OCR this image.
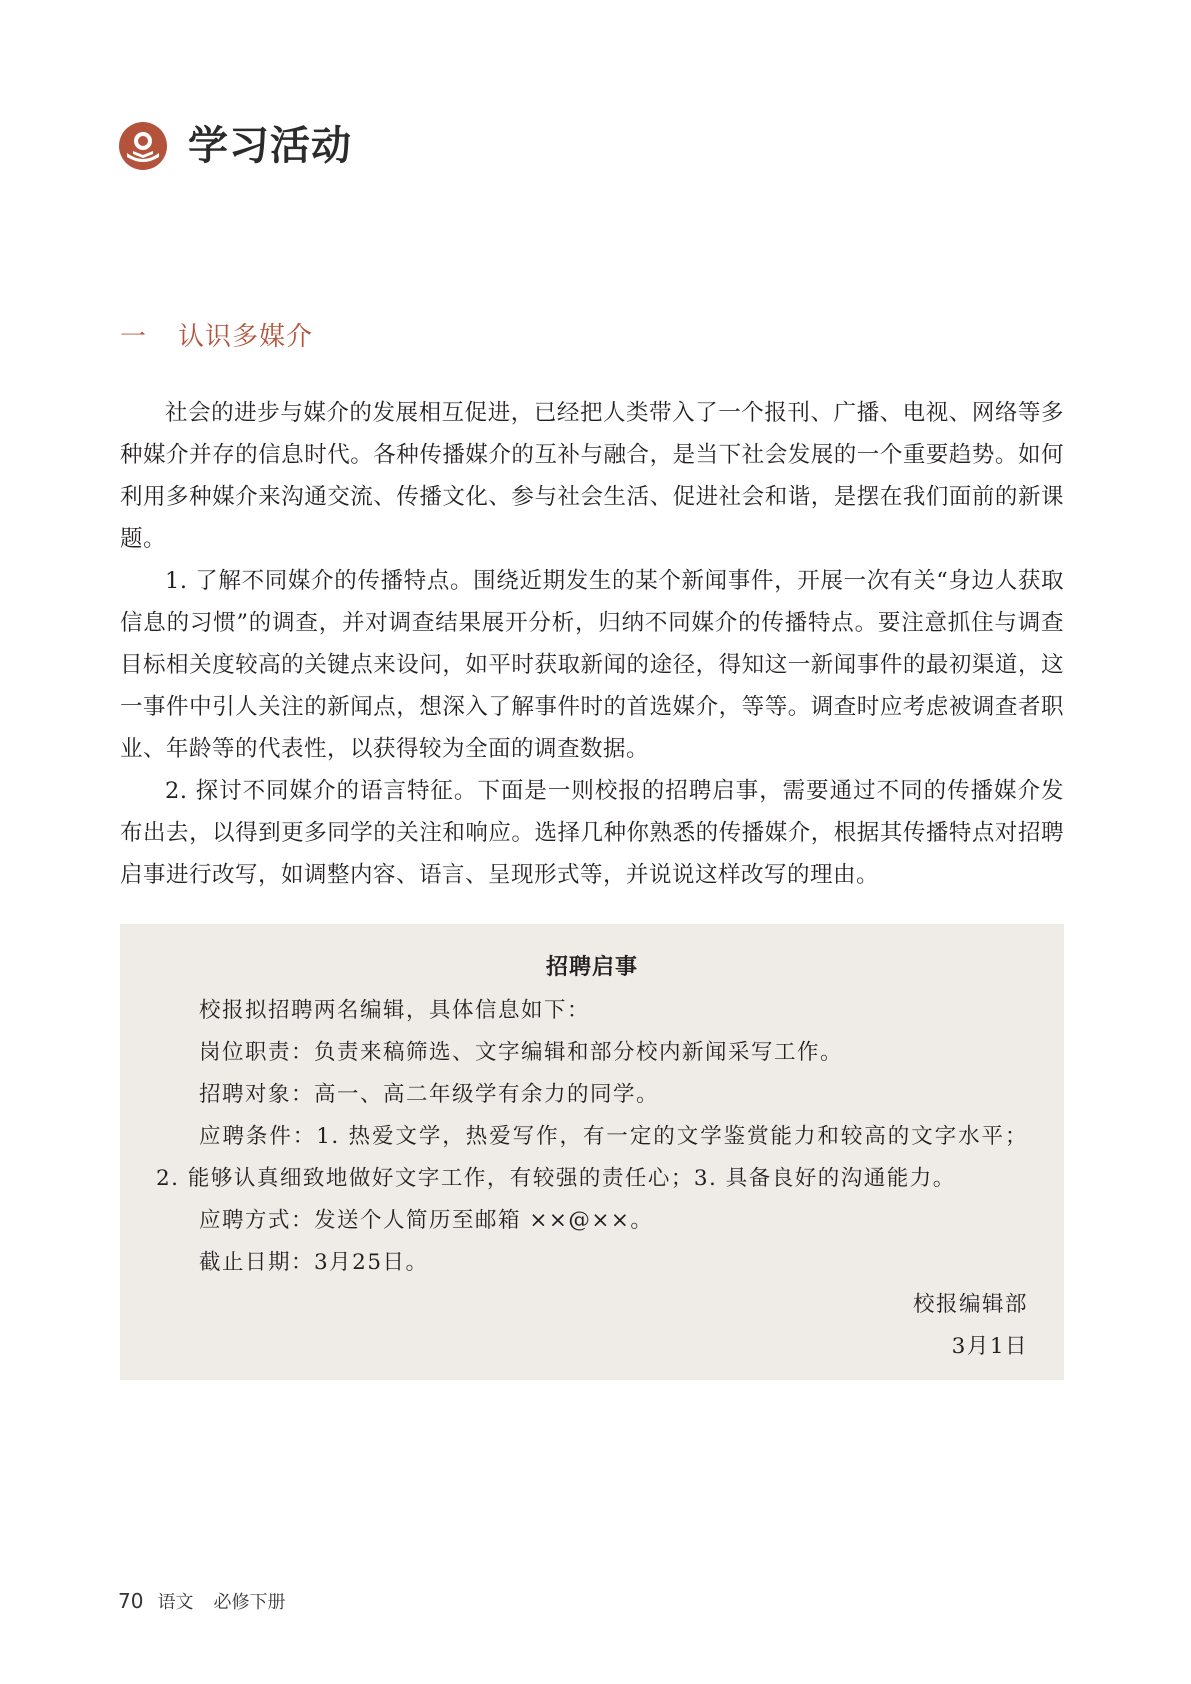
学习活动
一	认识多媒介

社会的进步与媒介的发展相互促进，已经把人类带入了一个报刊、广播、电视、网络等多种媒介并存的信息时代。各种传播媒介的互补与融合，是当下社会发展的一个重要趋势。如何利用多种媒介来沟通交流、传播文化、参与社会生活、促进社会和谐，是摆在我们面前的新课题。

1. 了解不同媒介的传播特点。围绕近期发生的某个新闻事件，开展一次有关“身边人获取信息的习惯”的调查，并对调查结果展开分析，归纳不同媒介的传播特点。要注意抓住与调查目标相关度较高的关键点来设问，如平时获取新闻的途径，得知这一新闻事件的最初渠道，这一事件中引人关注的新闻点，想深入了解事件时的首选媒介，等等。调查时应考虑被调查者职业、年龄等的代表性，以获得较为全面的调查数据。

2. 探讨不同媒介的语言特征。下面是一则校报的招聘启事，需要通过不同的传播媒介发布出去，以得到更多同学的关注和响应。选择几种你熟悉的传播媒介，根据其传播特点对招聘启事进行改写，如调整内容、语言、呈现形式等，并说说这样改写的理由。

招聘启事

校报拟招聘两名编辑，具体信息如下：

岗位职责：负责来稿筛选、文字编辑和部分校内新闻采写工作。

招聘对象：高一、高二年级学有余力的同学。

应聘条件：1. 热爱文学，热爱写作，有一定的文学鉴赏能力和较高的文字水平；2. 能够认真细致地做好文字工作，有较强的责任心；3. 具备良好的沟通能力。

应聘方式：发送个人简历至邮箱 ××@××。

截止日期：3月25日。

校报编辑部

3月1日

70 语文 必修下册
